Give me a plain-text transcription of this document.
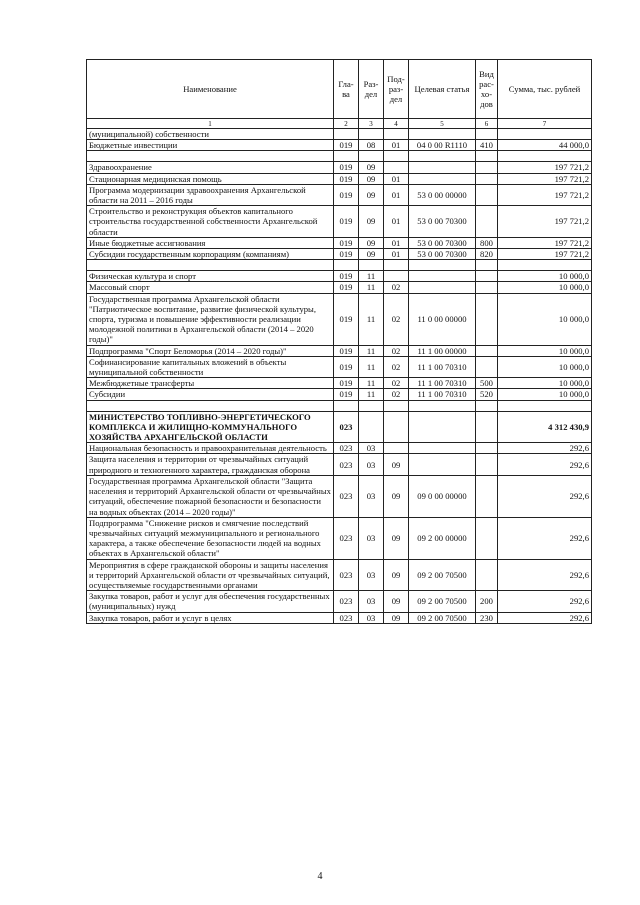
Наименование	Гла-ва	Раз-дел	Под-раз-дел	Целевая статья	Вид рас-хо-дов	Сумма, тыс. рублей
1	2	3	4	5	6	7
(муниципальной) собственности						
Бюджетные инвестиции	019	08	01	04 0 00 R1110	410	44 000,0

Здравоохранение	019	09				197 721,2
Стационарная медицинская помощь	019	09	01			197 721,2
Программа модернизации здравоохранения Архангельской области на 2011 – 2016 годы	019	09	01	53 0 00 00000		197 721,2
Строительство и реконструкция объектов капитального строительства государственной собственности Архангельской области	019	09	01	53 0 00 70300		197 721,2
Иные бюджетные ассигнования	019	09	01	53 0 00 70300	800	197 721,2
Субсидии государственным корпорациям (компаниям)	019	09	01	53 0 00 70300	820	197 721,2

Физическая культура и спорт	019	11				10 000,0
Массовый спорт	019	11	02			10 000,0
Государственная программа Архангельской области "Патриотическое воспитание, развитие физической культуры, спорта, туризма и повышение эффективности реализации молодежной политики в Архангельской области (2014 – 2020 годы)"	019	11	02	11 0 00 00000		10 000,0
Подпрограмма "Спорт Беломорья (2014 – 2020 годы)"	019	11	02	11 1 00 00000		10 000,0
Софинансирование капитальных вложений в объекты муниципальной собственности	019	11	02	11 1 00 70310		10 000,0
Межбюджетные трансферты	019	11	02	11 1 00 70310	500	10 000,0
Субсидии	019	11	02	11 1 00 70310	520	10 000,0

МИНИСТЕРСТВО ТОПЛИВНО-ЭНЕРГЕТИЧЕСКОГО КОМПЛЕКСА И ЖИЛИЩНО-КОММУНАЛЬНОГО ХОЗЯЙСТВА АРХАНГЕЛЬСКОЙ ОБЛАСТИ	023					4 312 430,9
Национальная безопасность и правоохранительная деятельность	023	03				292,6
Защита населения и территории от чрезвычайных ситуаций природного и техногенного характера, гражданская оборона	023	03	09			292,6
Государственная программа Архангельской области "Защита населения и территорий Архангельской области от чрезвычайных ситуаций, обеспечение пожарной безопасности и безопасности на водных объектах (2014 – 2020 годы)"	023	03	09	09 0 00 00000		292,6
Подпрограмма "Снижение рисков и смягчение последствий чрезвычайных ситуаций межмуниципального и регионального характера, а также обеспечение безопасности людей на водных объектах в Архангельской области"	023	03	09	09 2 00 00000		292,6
Мероприятия в сфере гражданской обороны и защиты населения и территорий Архангельской области от чрезвычайных ситуаций, осуществляемые государственными органами	023	03	09	09 2 00 70500		292,6
Закупка товаров, работ и услуг для обеспечения государственных (муниципальных) нужд	023	03	09	09 2 00 70500	200	292,6
Закупка товаров, работ и услуг в целях	023	03	09	09 2 00 70500	230	292,6
4
